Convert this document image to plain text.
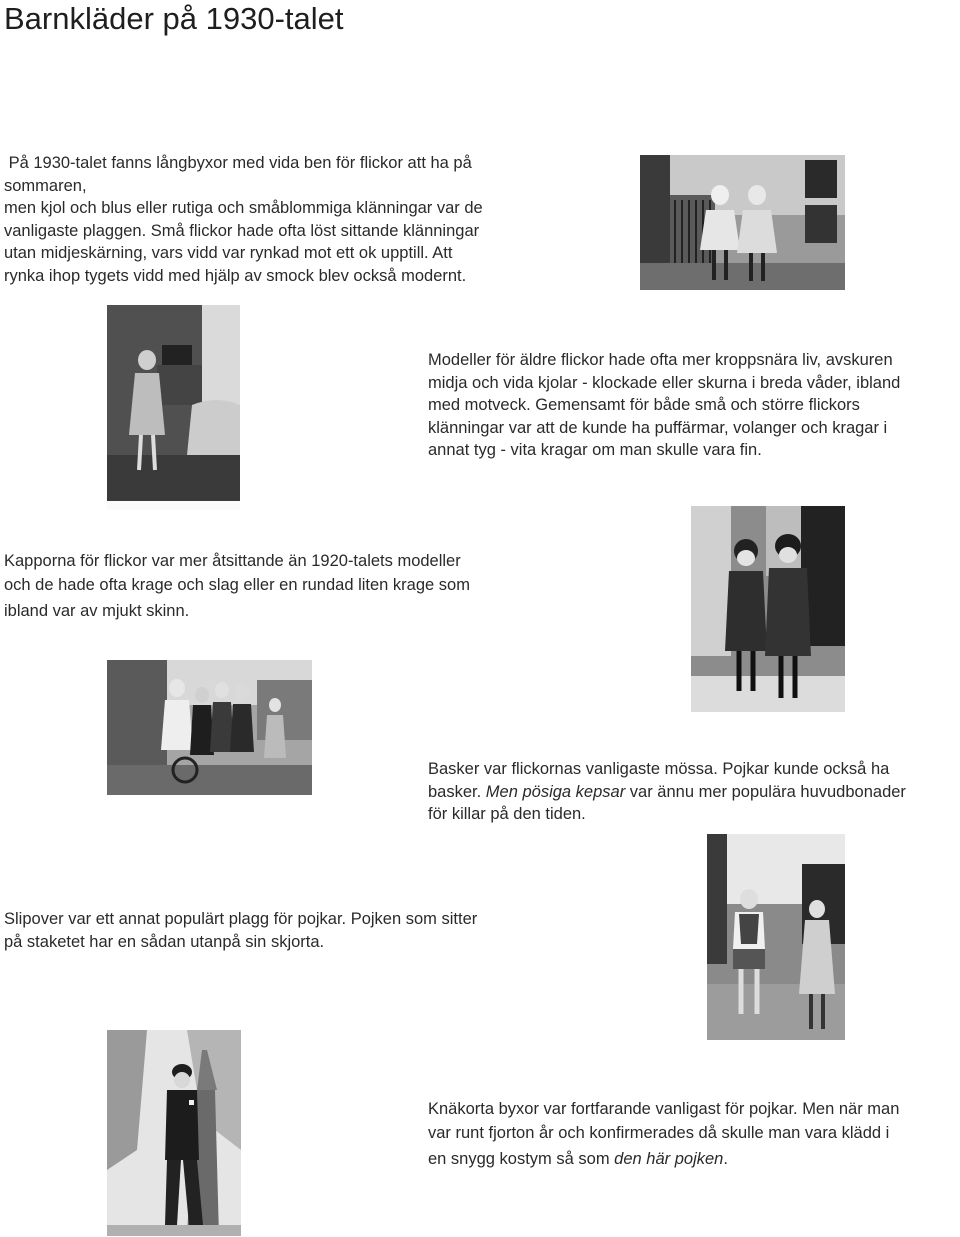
Barnkläder på 1930-talet
På 1930-talet fanns långbyxor med vida ben för flickor att ha på
sommaren,
men kjol och blus eller rutiga och småblommiga klänningar var de
vanligaste plaggen. Små flickor hade ofta löst sittande klänningar
utan midjeskärning, vars vidd var rynkad mot ett ok upptill. Att
rynka ihop tygets vidd med hjälp av smock blev också modernt.
Modeller för äldre flickor hade ofta mer kroppsnära liv, avskuren
midja och vida kjolar - klockade eller skurna i breda våder, ibland
med motveck. Gemensamt för både små och större flickors
klänningar var att de kunde ha puffärmar, volanger och kragar i
annat tyg - vita kragar om man skulle vara fin.
Kapporna för flickor var mer åtsittande än 1920-talets modeller
och de hade ofta krage och slag eller en rundad liten krage som
ibland var av mjukt skinn.
Basker var flickornas vanligaste mössa. Pojkar kunde också ha
basker. Men pösiga kepsar var ännu mer populära huvudbonader
för killar på den tiden.
Slipover var ett annat populärt plagg för pojkar. Pojken som sitter
på staketet har en sådan utanpå sin skjorta.
Knäkorta byxor var fortfarande vanligast för pojkar. Men när man
var runt fjorton år och konfirmerades då skulle man vara klädd i
en snygg kostym så som den här pojken.
